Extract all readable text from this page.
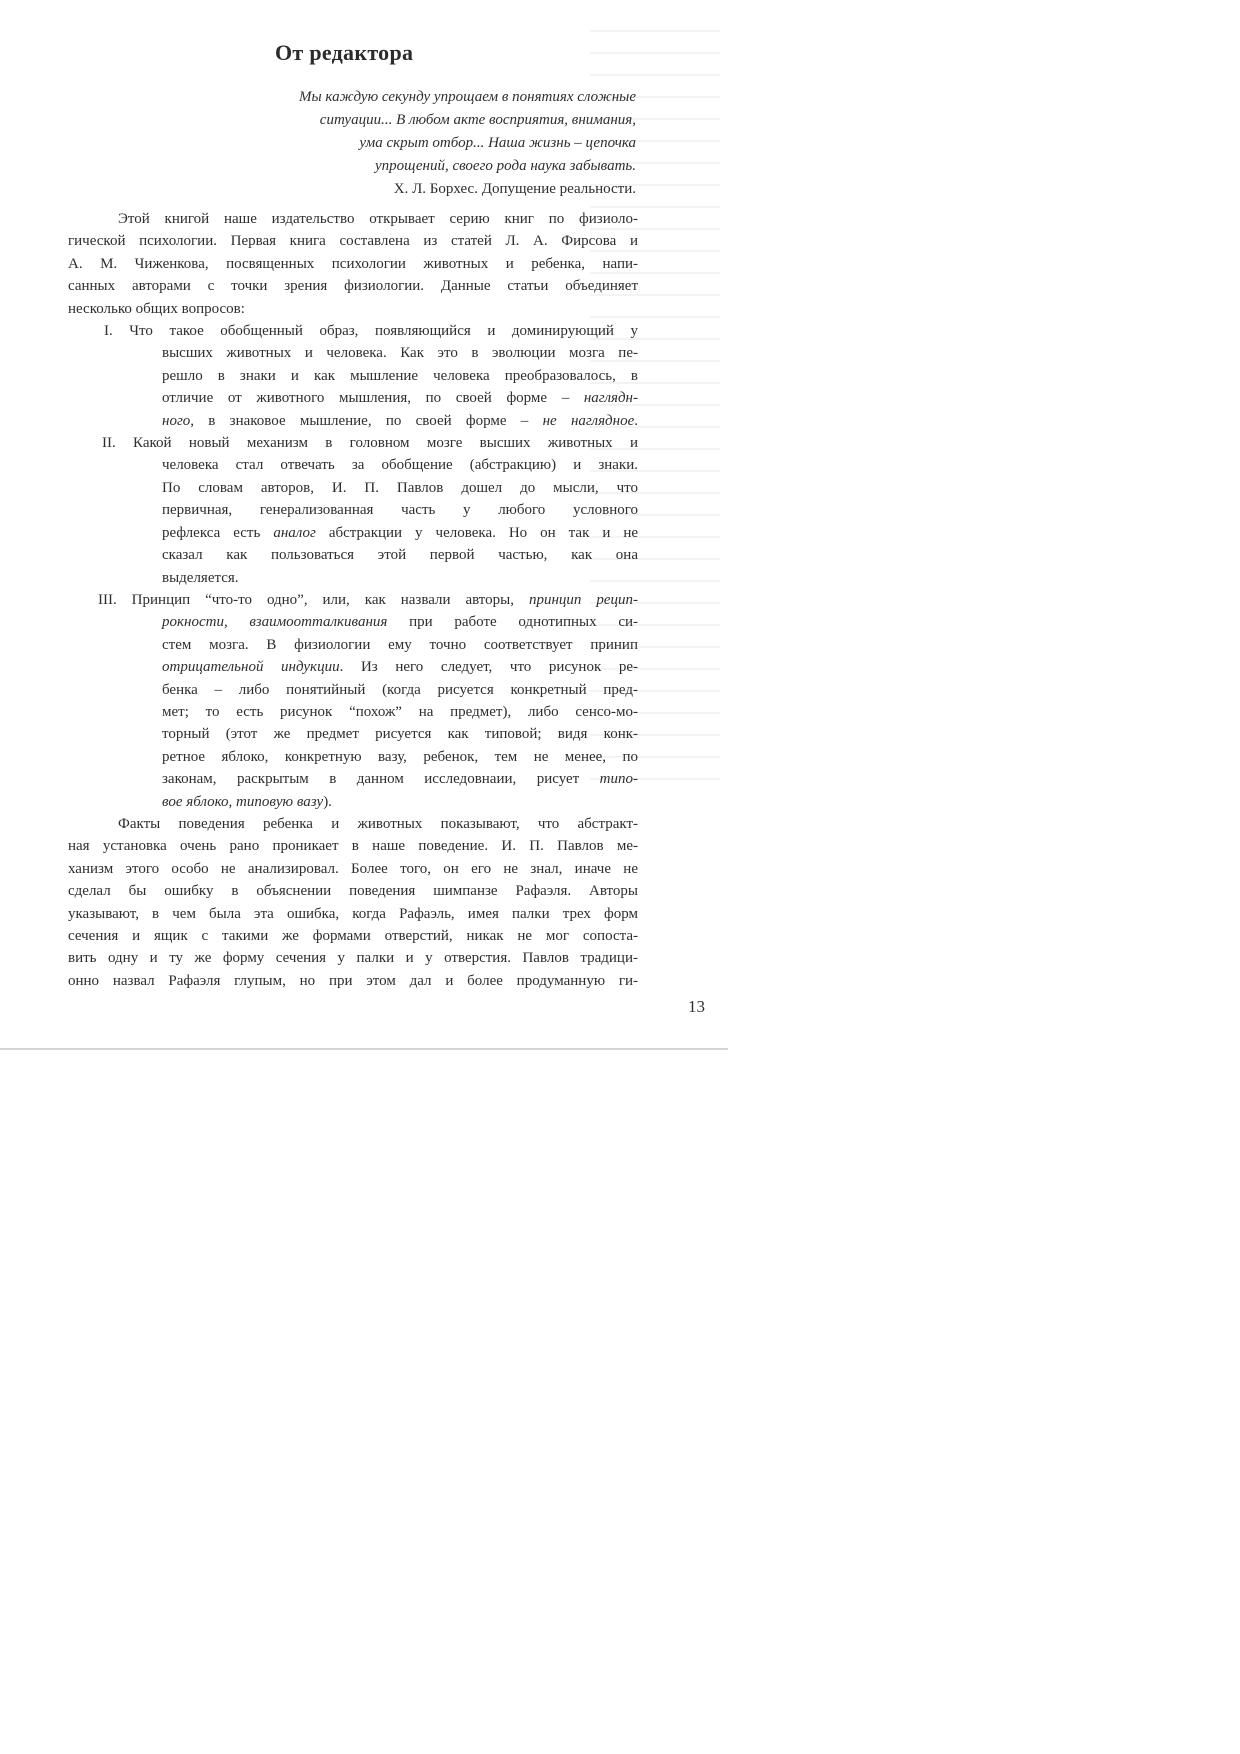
От редактора
Мы каждую секунду упрощаем в понятиях сложные
ситуации... В любом акте восприятия, внимания,
ума скрыт отбор... Наша жизнь – цепочка
упрощений, своего рода наука забывать.
Х. Л. Борхес. Допущение реальности.
Этой книгой наше издательство открывает серию книг по физиоло-
гической психологии. Первая книга составлена из статей Л. А. Фирсова и
А. М. Чиженкова, посвященных психологии животных и ребенка, напи-
санных авторами с точки зрения физиологии. Данные статьи объединяет
несколько общих вопросов:
I. Что такое обобщенный образ, появляющийся и доминирующий у
высших животных и человека. Как это в эволюции мозга пе-
решло в знаки и как мышление человека преобразовалось, в
отличие от животного мышления, по своей форме – наглядн-
ного, в знаковое мышление, по своей форме – не наглядное.
II. Какой новый механизм в головном мозге высших животных и
человека стал отвечать за обобщение (абстракцию) и знаки.
По словам авторов, И. П. Павлов дошел до мысли, что
первичная, генерализованная часть у любого условного
рефлекса есть аналог абстракции у человека. Но он так и не
сказал как пользоваться этой первой частью, как она
выделяется.
III. Принцип “что-то одно”, или, как назвали авторы, принцип рецип-
рокности, взаимоотталкивания при работе однотипных си-
стем мозга. В физиологии ему точно соответствует принип
отрицательной индукции. Из него следует, что рисунок ре-
бенка – либо понятийный (когда рисуется конкретный пред-
мет; то есть рисунок “похож” на предмет), либо сенсо-мо-
торный (этот же предмет рисуется как типовой; видя конк-
ретное яблоко, конкретную вазу, ребенок, тем не менее, по
законам, раскрытым в данном исследовнаии, рисует типо-
вое яблоко, типовую вазу).
Факты поведения ребенка и животных показывают, что абстракт-
ная установка очень рано проникает в наше поведение. И. П. Павлов ме-
ханизм этого особо не анализировал. Более того, он его не знал, иначе не
сделал бы ошибку в объяснении поведения шимпанзе Рафаэля. Авторы
указывают, в чем была эта ошибка, когда Рафаэль, имея палки трех форм
сечения и ящик с такими же формами отверстий, никак не мог сопоста-
вить одну и ту же форму сечения у палки и у отверстия. Павлов традици-
онно назвал Рафаэля глупым, но при этом дал и более продуманную ги-
13
